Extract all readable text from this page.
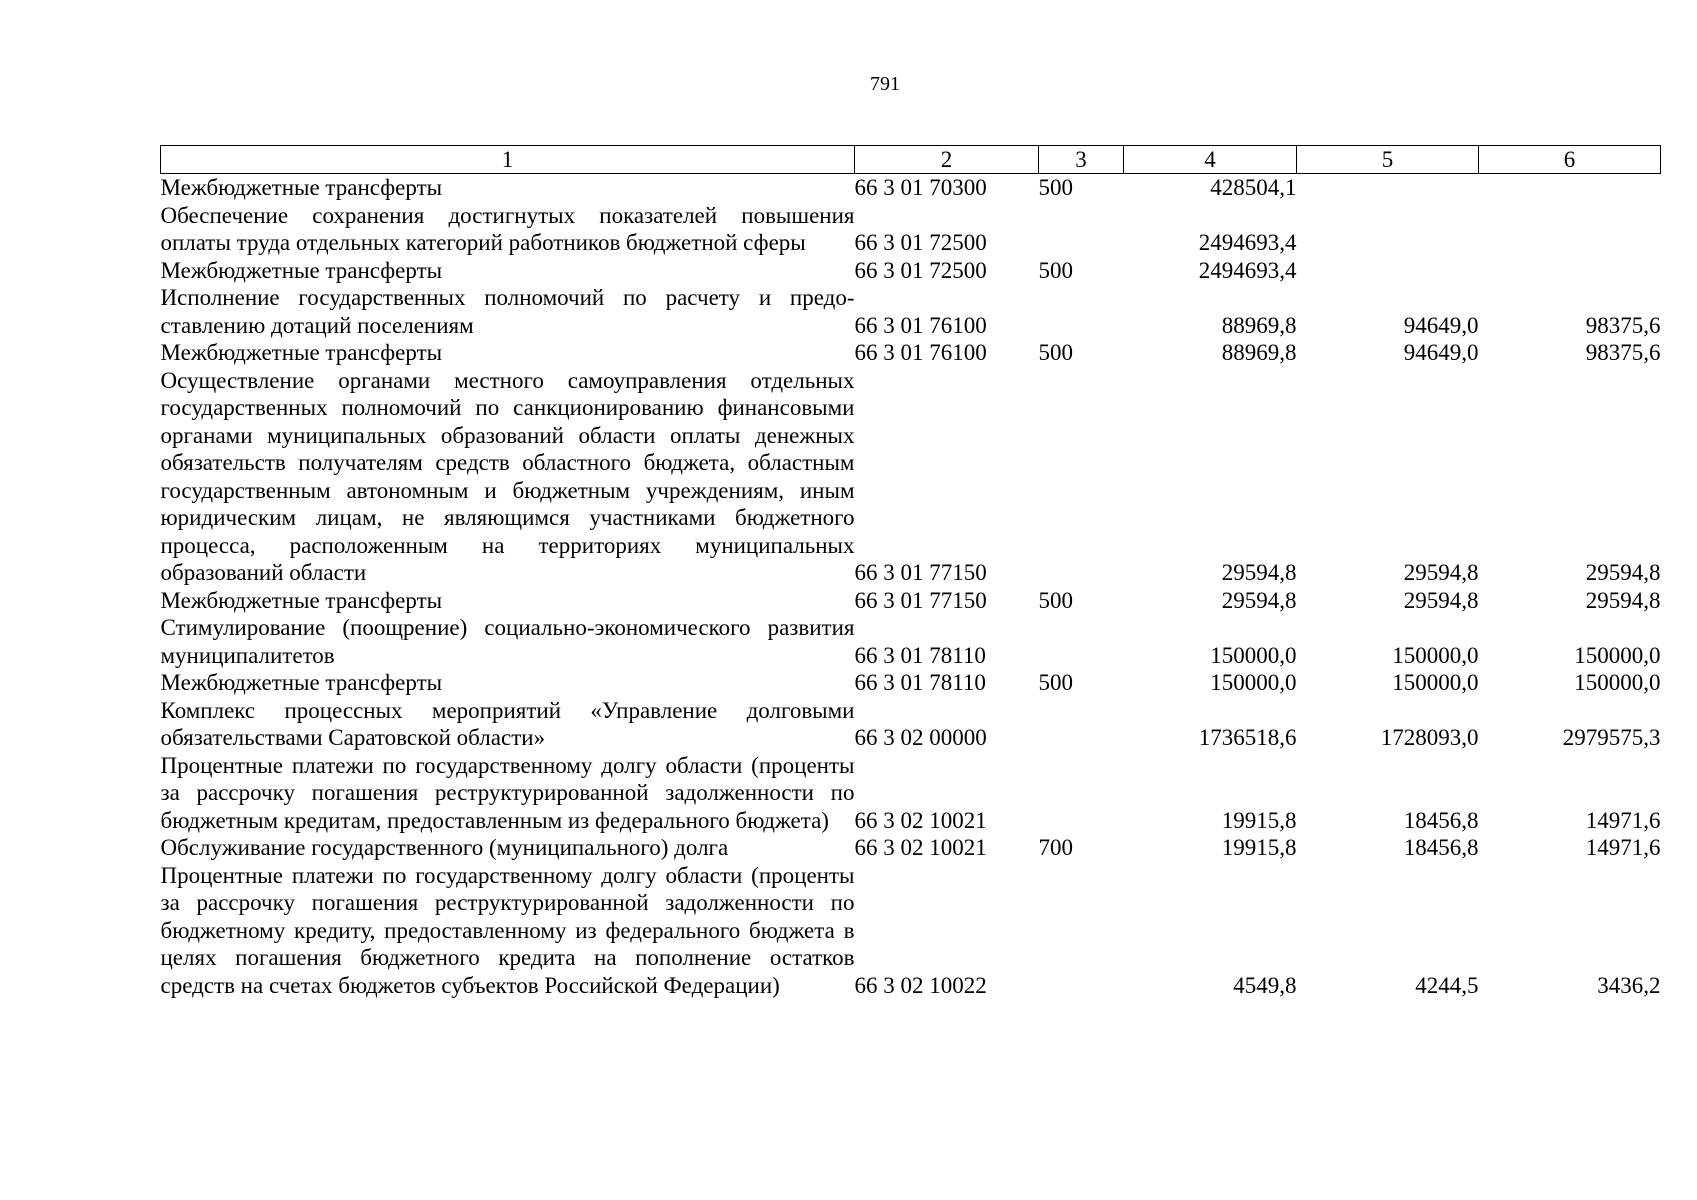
791
1	2	3	4	5	6
Межбюджетные трансферты	66 3 01 70300	500	428504,1		
Обеспечение сохранения достигнутых показателей повышения оплаты труда отдельных категорий работников бюджетной сферы	66 3 01 72500		2494693,4		
Межбюджетные трансферты	66 3 01 72500	500	2494693,4		
Исполнение государственных полномочий по расчету и предоставлению дотаций поселениям	66 3 01 76100		88969,8	94649,0	98375,6
Межбюджетные трансферты	66 3 01 76100	500	88969,8	94649,0	98375,6
Осуществление органами местного самоуправления отдельных государственных полномочий по санкционированию финансовыми органами муниципальных образований области оплаты денежных обязательств получателям средств областного бюджета, областным государственным автономным и бюджетным учреждениям, иным юридическим лицам, не являющимся участниками бюджетного процесса, расположенным на территориях муниципальных образований области	66 3 01 77150		29594,8	29594,8	29594,8
Межбюджетные трансферты	66 3 01 77150	500	29594,8	29594,8	29594,8
Стимулирование (поощрение) социально-экономического развития муниципалитетов	66 3 01 78110		150000,0	150000,0	150000,0
Межбюджетные трансферты	66 3 01 78110	500	150000,0	150000,0	150000,0
Комплекс процессных мероприятий «Управление долговыми обязательствами Саратовской области»	66 3 02 00000		1736518,6	1728093,0	2979575,3
Процентные платежи по государственному долгу области (проценты за рассрочку погашения реструктурированной задолженности по бюджетным кредитам, предоставленным из федерального бюджета)	66 3 02 10021		19915,8	18456,8	14971,6
Обслуживание государственного (муниципального) долга	66 3 02 10021	700	19915,8	18456,8	14971,6
Процентные платежи по государственному долгу области (проценты за рассрочку погашения реструктурированной задолженности по бюджетному кредиту, предоставленному из федерального бюджета в целях погашения бюджетного кредита на пополнение остатков средств на счетах бюджетов субъектов Российской Федерации)	66 3 02 10022		4549,8	4244,5	3436,2
